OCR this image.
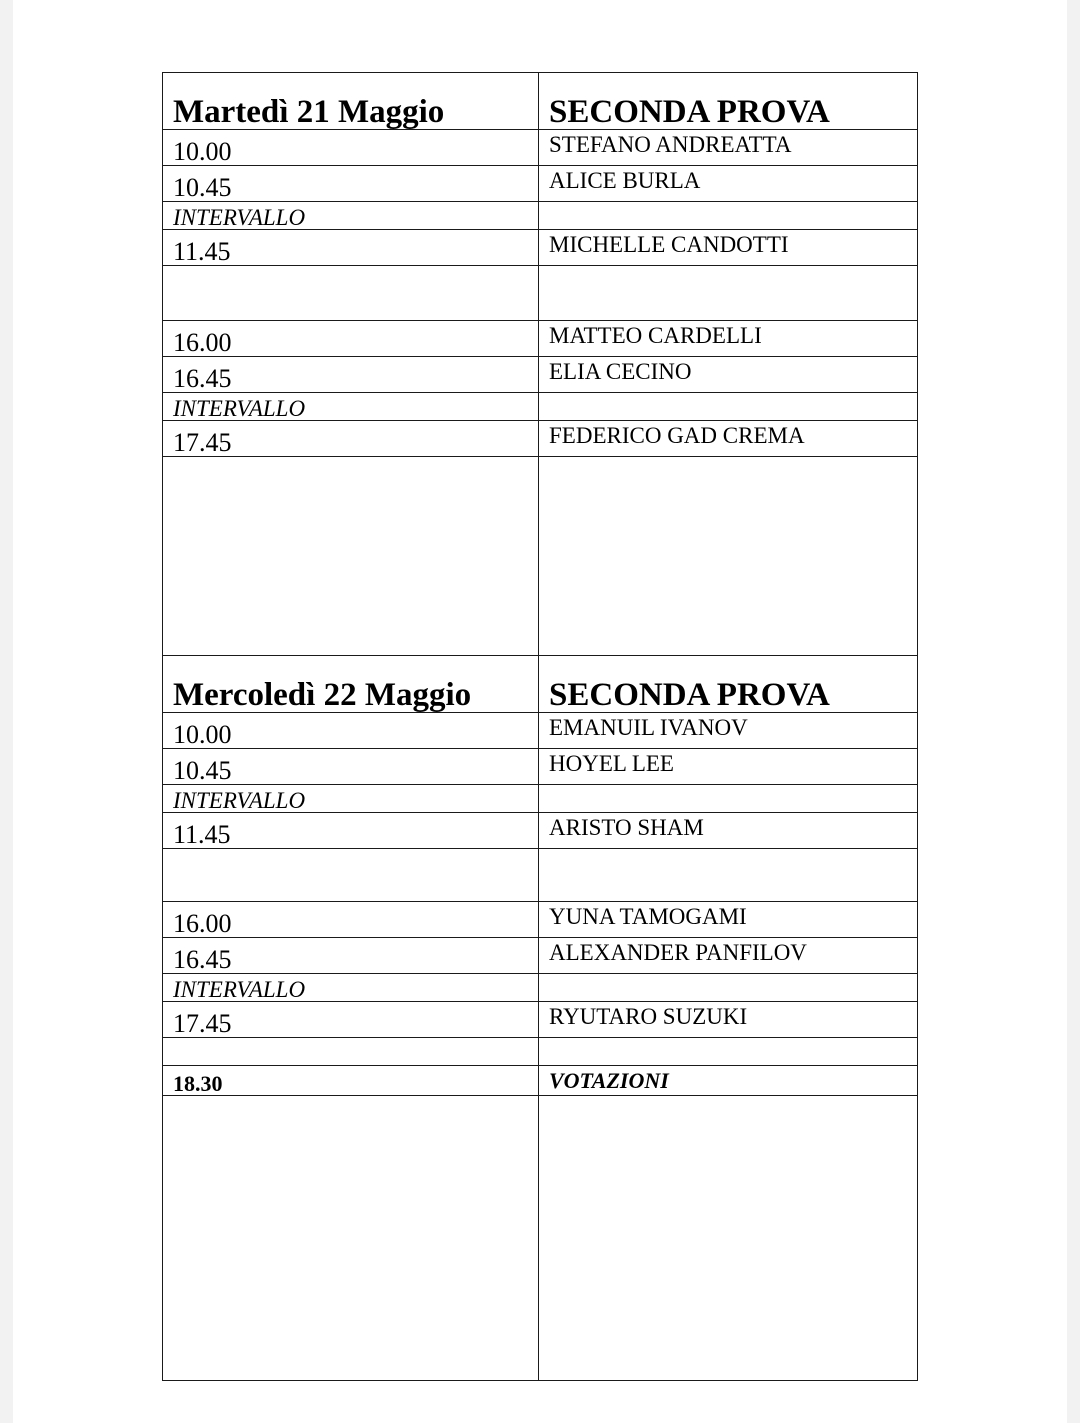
Martedì 21 Maggio	SECONDA PROVA
10.00	STEFANO ANDREATTA
10.45	ALICE BURLA
INTERVALLO	
11.45	MICHELLE CANDOTTI

16.00	MATTEO CARDELLI
16.45	ELIA CECINO
INTERVALLO	
17.45	FEDERICO GAD CREMA

Mercoledì 22 Maggio	SECONDA PROVA
10.00	EMANUIL IVANOV
10.45	HOYEL LEE
INTERVALLO	
11.45	ARISTO SHAM

16.00	YUNA TAMOGAMI
16.45	ALEXANDER PANFILOV
INTERVALLO	
17.45	RYUTARO SUZUKI

18.30	VOTAZIONI
